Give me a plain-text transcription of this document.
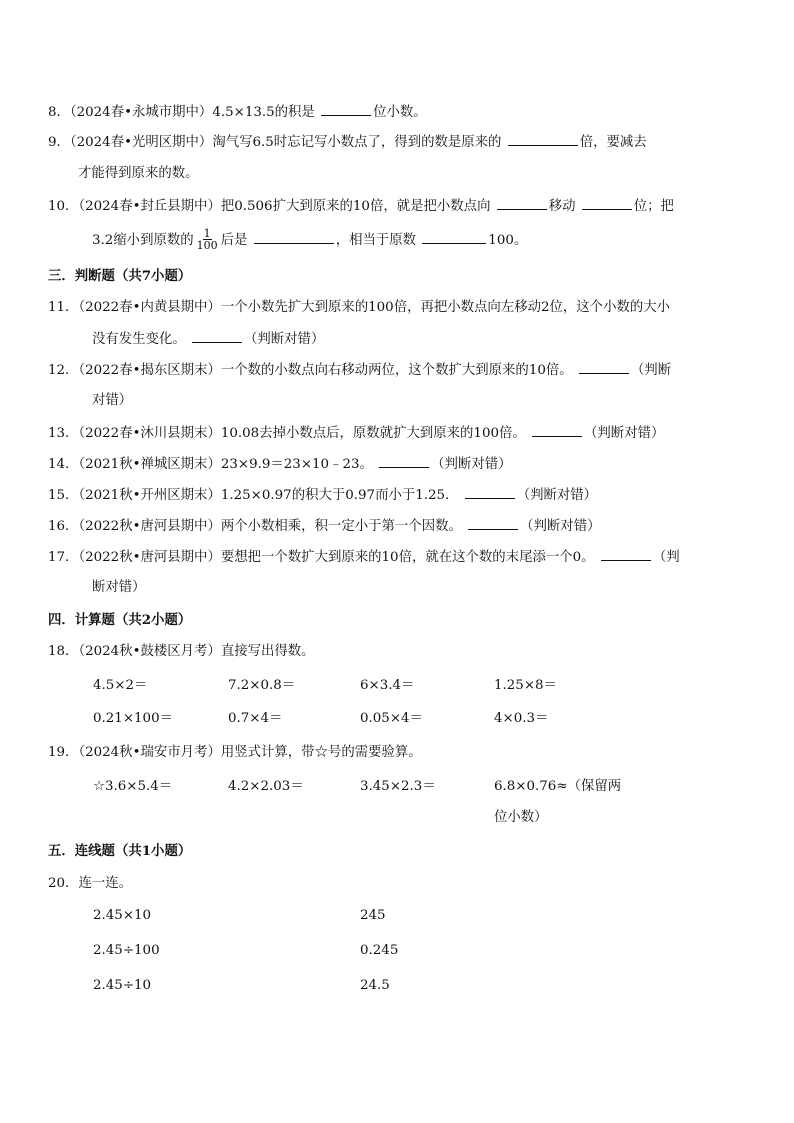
8．（2024春•永城市期中）4.5×13.5的积是	位小数。
9．（2024春•光明区期中）淘气写6.5时忘记写小数点了，得到的数是原来的	倍，要减去
才能得到原来的数。
10．（2024春•封丘县期中）把0.506扩大到原来的10倍，就是把小数点向	移动	位；把
3.2缩小到原数的 $\frac{1}{100}$ 后是	，相当于原数	100。
三．判断题（共7小题）
11．（2022春•内黄县期中）一个小数先扩大到原来的100倍，再把小数点向左移动2位，这个小数的大小
没有发生变化。	（判断对错）
12．（2022春•揭东区期末）一个数的小数点向右移动两位，这个数扩大到原来的10倍。	（判断
对错）
13．（2022春•沐川县期末）10.08去掉小数点后，原数就扩大到原来的100倍。	（判断对错）
14．（2021秋•禅城区期末）23×9.9＝23×10﹣23。	（判断对错）
15．（2021秋•开州区期末）1.25×0.97的积大于0.97而小于1.25．	（判断对错）
16．（2022秋•唐河县期中）两个小数相乘，积一定小于第一个因数。	（判断对错）
17．（2022秋•唐河县期中）要想把一个数扩大到原来的10倍，就在这个数的末尾添一个0。	（判
断对错）
四．计算题（共2小题）
18．（2024秋•鼓楼区月考）直接写出得数。
4.5×2＝	7.2×0.8＝	6×3.4＝	1.25×8＝
0.21×100＝	0.7×4＝	0.05×4＝	4×0.3＝
19．（2024秋•瑞安市月考）用竖式计算，带☆号的需要验算。
☆3.6×5.4＝	4.2×2.03＝	3.45×2.3＝	6.8×0.76≈（保留两
位小数）
五．连线题（共1小题）
20．连一连。
2.45×10	245
2.45÷100	0.245
2.45÷10	24.5
